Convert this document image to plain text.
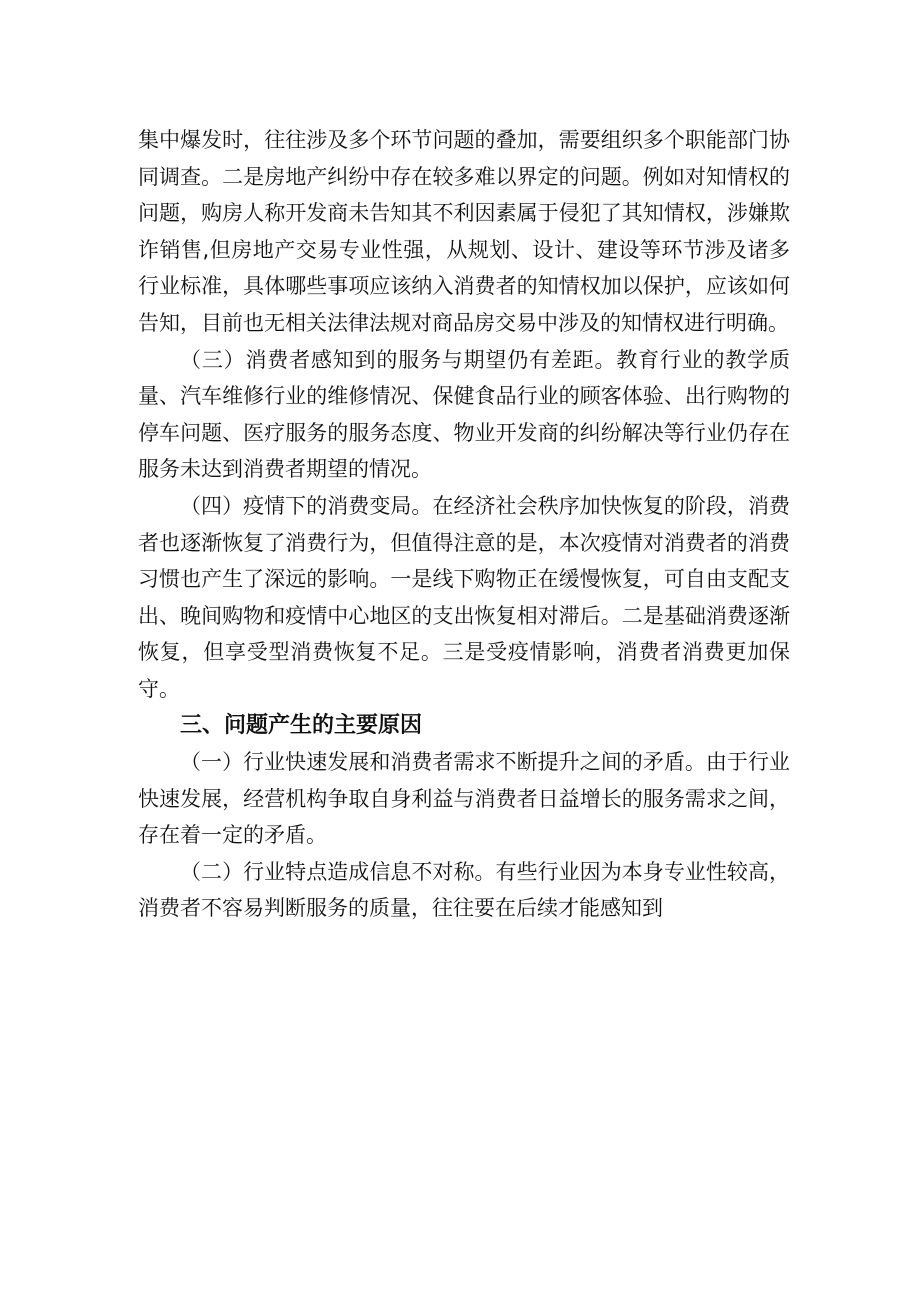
集中爆发时，往往涉及多个环节问题的叠加，需要组织多个职能部门协同调查。二是房地产纠纷中存在较多难以界定的问题。例如对知情权的问题，购房人称开发商未告知其不利因素属于侵犯了其知情权，涉嫌欺诈销售,但房地产交易专业性强，从规划、设计、建设等环节涉及诸多行业标准，具体哪些事项应该纳入消费者的知情权加以保护，应该如何告知，目前也无相关法律法规对商品房交易中涉及的知情权进行明确。

（三）消费者感知到的服务与期望仍有差距。教育行业的教学质量、汽车维修行业的维修情况、保健食品行业的顾客体验、出行购物的停车问题、医疗服务的服务态度、物业开发商的纠纷解决等行业仍存在服务未达到消费者期望的情况。

（四）疫情下的消费变局。在经济社会秩序加快恢复的阶段，消费者也逐渐恢复了消费行为，但值得注意的是，本次疫情对消费者的消费习惯也产生了深远的影响。一是线下购物正在缓慢恢复，可自由支配支出、晚间购物和疫情中心地区的支出恢复相对滞后。二是基础消费逐渐恢复，但享受型消费恢复不足。三是受疫情影响，消费者消费更加保守。

三、问题产生的主要原因

（一）行业快速发展和消费者需求不断提升之间的矛盾。由于行业快速发展，经营机构争取自身利益与消费者日益增长的服务需求之间，存在着一定的矛盾。

（二）行业特点造成信息不对称。有些行业因为本身专业性较高，消费者不容易判断服务的质量，往往要在后续才能感知到
